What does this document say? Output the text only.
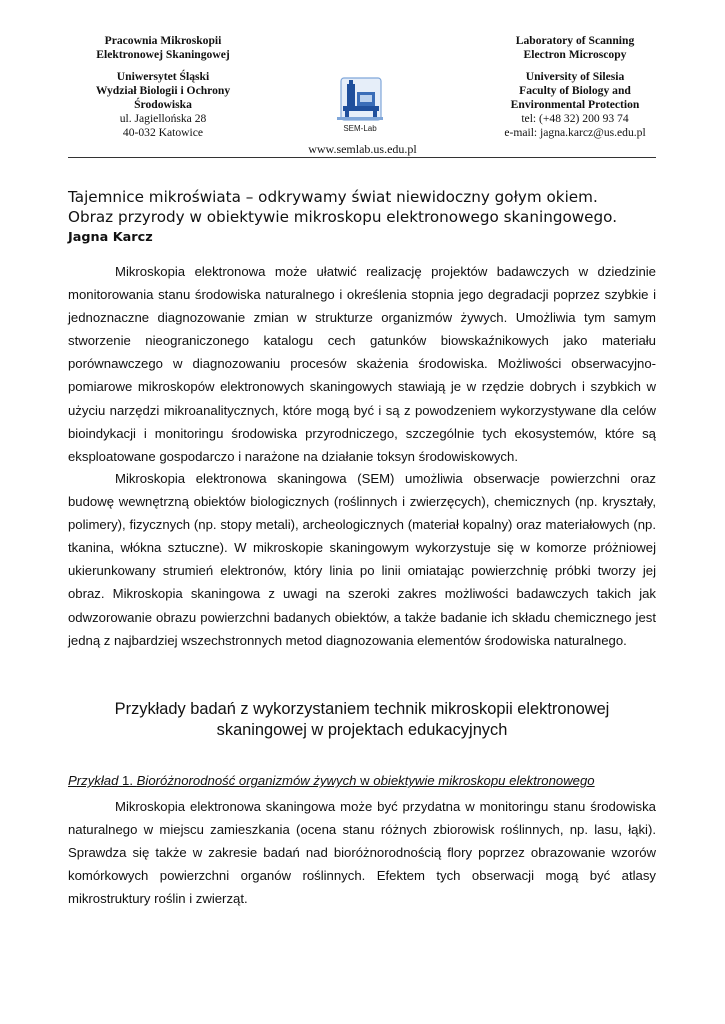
Pracownia Mikroskopii
Elektronowej Skaningowej
Uniwersytet Śląski
Wydział Biologii i Ochrony
Środowiska
ul. Jagiellońska 28
40-032 Katowice	SEM-Lab
Laboratory of Scanning
Electron Microscopy
University of Silesia
Faculty of Biology and
Environmental Protection
tel: (+48 32) 200 93 74
e-mail: jagna.karcz@us.edu.pl
www.semlab.us.edu.pl
Tajemnice mikroświata – odkrywamy świat niewidoczny gołym okiem.
Obraz przyrody w obiektywie mikroskopu elektronowego skaningowego.
Jagna Karcz

Mikroskopia elektronowa może ułatwić realizację projektów badawczych w dziedzinie monitorowania stanu środowiska naturalnego i określenia stopnia jego degradacji poprzez szybkie i jednoznaczne diagnozowanie zmian w strukturze organizmów żywych. Umożliwia tym samym stworzenie nieograniczonego katalogu cech gatunków biowskaźnikowych jako materiału porównawczego w diagnozowaniu procesów skażenia środowiska. Możliwości obserwacyjno-pomiarowe mikroskopów elektronowych skaningowych stawiają je w rzędzie dobrych i szybkich w użyciu narzędzi mikroanalitycznych, które mogą być i są z powodzeniem wykorzystywane dla celów bioindykacji i monitoringu środowiska przyrodniczego, szczególnie tych ekosystemów, które są eksploatowane gospodarczo i narażone na działanie toksyn środowiskowych.

Mikroskopia elektronowa skaningowa (SEM) umożliwia obserwacje powierzchni oraz budowę wewnętrzną obiektów biologicznych (roślinnych i zwierzęcych), chemicznych (np. kryształy, polimery), fizycznych (np. stopy metali), archeologicznych (materiał kopalny) oraz materiałowych (np. tkanina, włókna sztuczne). W mikroskopie skaningowym wykorzystuje się w komorze próżniowej ukierunkowany strumień elektronów, który linia po linii omiatając powierzchnię próbki tworzy jej obraz. Mikroskopia skaningowa z uwagi na szeroki zakres możliwości badawczych takich jak odwzorowanie obrazu powierzchni badanych obiektów, a także badanie ich składu chemicznego jest jedną z najbardziej wszechstronnych metod diagnozowania elementów środowiska naturalnego.

Przykłady badań z wykorzystaniem technik mikroskopii elektronowej
skaningowej w projektach edukacyjnych
Przykład 1. Bioróżnorodność organizmów żywych w obiektywie mikroskopu elektronowego

Mikroskopia elektronowa skaningowa może być przydatna w monitoringu stanu środowiska naturalnego w miejscu zamieszkania (ocena stanu różnych zbiorowisk roślinnych, np. lasu, łąki). Sprawdza się także w zakresie badań nad bioróżnorodnością flory poprzez obrazowanie wzorów komórkowych powierzchni organów roślinnych. Efektem tych obserwacji mogą być atlasy mikrostruktury roślin i zwierząt.
